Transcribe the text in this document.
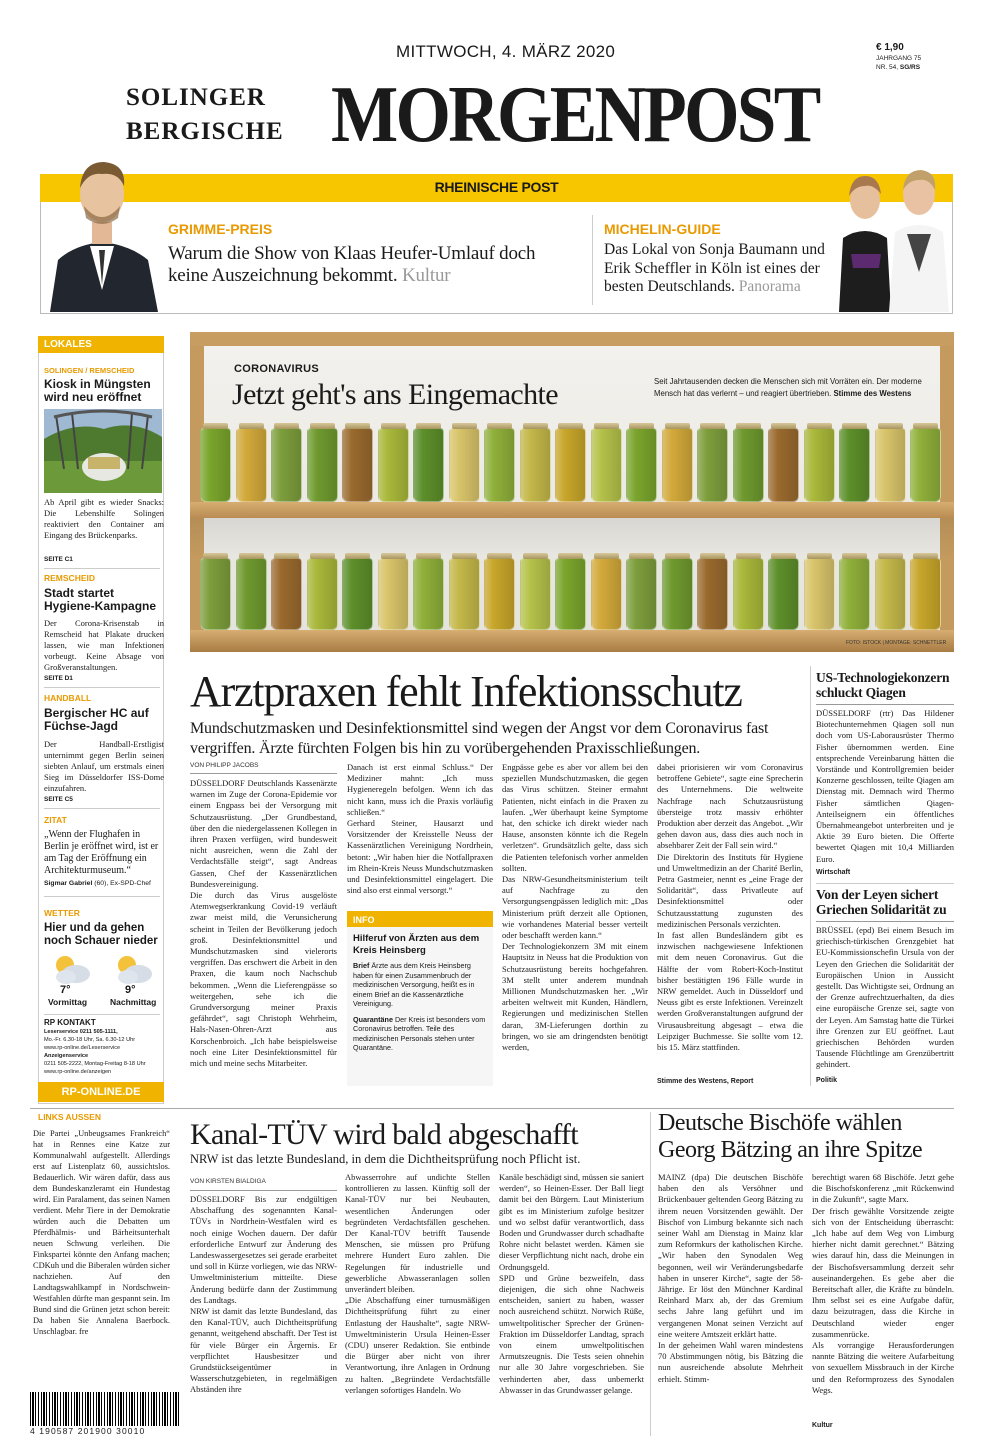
MITTWOCH, 4. MÄRZ 2020	€ 1,90
JAHRGANG 75
NR. 54, SG/RS
SOLINGER
BERGISCHE MORGENPOST
RHEINISCHE POST
GRIMME-PREIS
Warum die Show von Klaas Heufer-Umlauf doch keine Auszeichnung bekommt. Kultur
MICHELIN-GUIDE
Das Lokal von Sonja Baumann und Erik Scheffler in Köln ist eines der besten Deutschlands. Panorama
LOKALES
SOLINGEN / REMSCHEID
Kiosk in Müngsten wird neu eröffnet
Ab April gibt es wieder Snacks: Die Lebenshilfe Solingen reaktiviert den Container am Eingang des Brückenparks.
SEITE C1
REMSCHEID
Stadt startet Hygiene-Kampagne
Der Corona-Krisenstab in Remscheid hat Plakate drucken lassen, wie man Infektionen vorbeugt. Keine Absage von Großveranstaltungen.
SEITE D1
HANDBALL
Bergischer HC auf Füchse-Jagd
Der Handball-Erstligist unternimmt gegen Berlin seinen siebten Anlauf, um erstmals einen Sieg im Düsseldorfer ISS-Dome einzufahren.
SEITE C5
ZITAT
„Wenn der Flughafen in Berlin je eröffnet wird, ist er am Tag der Eröffnung ein Architekturmuseum.“
Sigmar Gabriel (60), Ex-SPD-Chef
WETTER
Hier und da gehen noch Schauer nieder
7°
Vormittag
9°
Nachmittag
RP KONTAKT
Leserservice 0211 505-1111,
Mo.-Fr. 6.30-18 Uhr, Sa. 6.30-12 Uhr
www.rp-online.de/Leserservice
Anzeigenservice
0211 505-2222, Montag-Freitag 8-18 Uhr
www.rp-online.de/anzeigen
RP-ONLINE.DE
CORONAVIRUS
Jetzt geht's ans Eingemachte	Seit Jahrtausenden decken die Menschen sich mit Vorräten ein. Der moderne Mensch hat das verlernt – und reagiert übertrieben. Stimme des Westens
FOTO: ISTOCK | MONTAGE: SCHNETTLER
Arztpraxen fehlt Infektionsschutz
Mundschutzmasken und Desinfektionsmittel sind wegen der Angst vor dem Coronavirus fast vergriffen. Ärzte fürchten Folgen bis hin zu vorübergehenden Praxisschließungen.
VON PHILIPP JACOBS
DÜSSELDORF Deutschlands Kassenärzte warnen im Zuge der Corona-Epidemie vor einem Engpass bei der Versorgung mit Schutzausrüstung. „Der Grundbestand, über den die niedergelassenen Kollegen in ihren Praxen verfügen, wird bundesweit nicht ausreichen, wenn die Zahl der Verdachtsfälle steigt“, sagt Andreas Gassen, Chef der Kassenärztlichen Bundesvereinigung.
Die durch das Virus ausgelöste Atemwegserkrankung Covid-19 verläuft zwar meist mild, die Verunsicherung scheint in Teilen der Bevölkerung jedoch groß. Desinfektionsmittel und Mundschutzmasken sind vielerorts vergriffen. Das erschwert die Arbeit in den Praxen, die kaum noch Nachschub bekommen. „Wenn die Lieferengpässe so weitergehen, sehe ich die Grundversorgung meiner Praxis gefährdet“, sagt Christoph Wehrheim, Hals-Nasen-Ohren-Arzt aus Korschenbroich. „Ich habe beispielsweise noch eine Liter Desinfektionsmittel für mich und meine sechs Mitarbeiter.
Danach ist erst einmal Schluss.“ Der Mediziner mahnt: „Ich muss Hygieneregeln befolgen. Wenn ich das nicht kann, muss ich die Praxis vorläufig schließen.“
Gerhard Steiner, Hausarzt und Vorsitzender der Kreisstelle Neuss der Kassenärztlichen Vereinigung Nordrhein, betont: „Wir haben hier die Notfallpraxen im Rhein-Kreis Neuss Mundschutzmasken und Desinfektionsmittel eingelagert. Die sind also erst einmal versorgt.“
INFO
Hilferuf von Ärzten aus dem Kreis Heinsberg
Brief Ärzte aus dem Kreis Heinsberg haben für einen Zusammenbruch der medizinischen Versorgung, heißt es in einem Brief an die Kassenärztliche Vereinigung.
Quarantäne Der Kreis ist besonders vom Coronavirus betroffen. Teile des medizinischen Personals stehen unter Quarantäne.
Engpässe gebe es aber vor allem bei den speziellen Mundschutzmasken, die gegen das Virus schützen. Steiner ermahnt Patienten, nicht einfach in die Praxen zu laufen. „Wer überhaupt keine Symptome hat, den schicke ich direkt wieder nach Hause, ansonsten könnte ich die Regeln verletzen“. Grundsätzlich gelte, dass sich die Patienten telefonisch vorher anmelden sollten.
Das NRW-Gesundheitsministerium teilt auf Nachfrage zu den Versorgungsengpässen lediglich mit: „Das Ministerium prüft derzeit alle Optionen, wie vorhandenes Material besser verteilt oder beschafft werden kann.“
Der Technologiekonzern 3M mit einem Hauptsitz in Neuss hat die Produktion von Schutzausrüstung bereits hochgefahren. 3M stellt unter anderem mundnah Millionen Mundschutzmasken her. „Wir arbeiten weltweit mit Kunden, Händlern, Regierungen und medizinischen Stellen daran, 3M-Lieferungen dorthin zu bringen, wo sie am dringendsten benötigt werden,
dabei priorisieren wir vom Coronavirus betroffene Gebiete“, sagte eine Sprecherin des Unternehmens. Die weltweite Nachfrage nach Schutzausrüstung übersteige trotz massiv erhöhter Produktion aber derzeit das Angebot. „Wir gehen davon aus, dass dies auch noch in absehbarer Zeit der Fall sein wird.“
Die Direktorin des Instituts für Hygiene und Umweltmedizin an der Charité Berlin, Petra Gastmeier, nennt es „eine Frage der Solidarität“, dass Privatleute auf Desinfektionsmittel oder Schutzausstattung zugunsten des medizinischen Personals verzichten.
In fast allen Bundesländern gibt es inzwischen nachgewiesene Infektionen mit dem neuen Coronavirus. Gut die Hälfte der vom Robert-Koch-Institut bisher bestätigten 196 Fälle wurde in NRW gemeldet. Auch in Düsseldorf und Neuss gibt es erste Infektionen. Vereinzelt werden Großveranstaltungen aufgrund der Virusausbreitung abgesagt – etwa die Leipziger Buchmesse. Sie sollte vom 12. bis 15. März stattfinden.
Stimme des Westens, Report
US-Technologiekonzern schluckt Qiagen
DÜSSELDORF (rtr) Das Hildener Biotechunternehmen Qiagen soll nun doch vom US-Laborausrüster Thermo Fisher übernommen werden. Eine entsprechende Vereinbarung hätten die Vorstände und Kontrollgremien beider Konzerne geschlossen, teilte Qiagen am Dienstag mit. Demnach wird Thermo Fisher sämtlichen Qiagen-Anteilseignern ein öffentliches Übernahmeangebot unterbreiten und je Aktie 39 Euro bieten. Die Offerte bewertet Qiagen mit 10,4 Milliarden Euro.
Wirtschaft
Von der Leyen sichert Griechen Solidarität zu
BRÜSSEL (epd) Bei einem Besuch im griechisch-türkischen Grenzgebiet hat EU-Kommissionschefin Ursula von der Leyen den Griechen die Solidarität der Europäischen Union in Aussicht gestellt. Das Wichtigste sei, Ordnung an der Grenze aufrechtzuerhalten, da dies eine europäische Grenze sei, sagte von der Leyen. Am Samstag hatte die Türkei ihre Grenzen zur EU geöffnet. Laut griechischen Behörden wurden Tausende Flüchtlinge am Grenzübertritt gehindert.
Politik
LINKS AUSSEN
Die Partei „Unbeugsames Frankreich“ hat in Rennes eine Katze zur Kommunalwahl aufgestellt. Allerdings erst auf Listenplatz 60, aussichtslos. Bedauerlich. Wir wären dafür, dass aus dem Bundeskanzleramt ein Hundestag wird. Ein Paralament, das seinen Namen verdient. Mehr Tiere in der Demokratie würden auch die Debatten um Pferdhälmis- und Bärheitsunterhalt neuen Schwung verleihen. Die Finkspartei könnte den Anfang machen; CDKuh und die Biberalen würden sicher nachziehen. Auf den Landtagswahlkampf in Nordschwein-Westfahlen dürfte man gespannt sein. Im Bund sind die Grünen jetzt schon bereit: Da haben Sie Annalena Baerbock. Unschlagbar. fre
4 190587 201900 30010
Kanal-TÜV wird bald abgeschafft
NRW ist das letzte Bundesland, in dem die Dichtheitsprüfung noch Pflicht ist.
VON KIRSTEN BIALDIGA
DÜSSELDORF Bis zur endgültigen Abschaffung des sogenannten Kanal-TÜVs in Nordrhein-Westfalen wird es noch einige Wochen dauern. Der dafür erforderliche Entwurf zur Änderung des Landeswassergesetzes sei gerade erarbeitet und soll in Kürze vorliegen, wie das NRW-Umweltministerium mitteilte. Diese Änderung bedürfe dann der Zustimmung des Landtags.
NRW ist damit das letzte Bundesland, das den Kanal-TÜV, auch Dichtheitsprüfung genannt, weitgehend abschafft. Der Test ist für viele Bürger ein Ärgernis. Er verpflichtet Hausbesitzer und Grundstückseigentümer in Wasserschutzgebieten, in regelmäßigen Abständen ihre
Abwasserrohre auf undichte Stellen kontrollieren zu lassen. Künftig soll der Kanal-TÜV nur bei Neubauten, wesentlichen Änderungen oder begründeten Verdachtsfällen geschehen. Der Kanal-TÜV betrifft Tausende Menschen, sie müssen pro Prüfung mehrere Hundert Euro zahlen. Die Regelungen für industrielle und gewerbliche Abwasseranlagen sollen unverändert bleiben.
„Die Abschaffung einer turnusmäßigen Dichtheitsprüfung führt zu einer Entlastung der Haushalte“, sagte NRW-Umweltministerin Ursula Heinen-Esser (CDU) unserer Redaktion. Sie entbinde die Bürger aber nicht von ihrer Verantwortung, ihre Anlagen in Ordnung zu halten. „Begründete Verdachtsfälle verlangen sofortiges Handeln. Wo
Kanäle beschädigt sind, müssen sie saniert werden“, so Heinen-Esser. Der Ball liegt damit bei den Bürgern. Laut Ministerium gibt es im Ministerium zufolge besitzer und wo selbst dafür verantwortlich, dass Boden und Grundwasser durch schadhafte Rohre nicht belastet werden. Kämen sie dieser Verpflichtung nicht nach, drohe ein Ordnungsgeld.
SPD und Grüne bezweifeln, dass diejenigen, die sich ohne Nachweis entscheiden, saniert zu haben, wasser noch ausreichend schützt. Norwich Rüße, umweltpolitischer Sprecher der Grünen-Fraktion im Düsseldorfer Landtag, sprach von einem umweltpolitischen Armutszeugnis. Die Tests seien ohnehin nur alle 30 Jahre vorgeschrieben. Sie verhinderten aber, dass unbemerkt Abwasser in das Grundwasser gelange.
Deutsche Bischöfe wählen
Georg Bätzing an ihre Spitze
MAINZ (dpa) Die deutschen Bischöfe haben den als Versöhner und Brückenbauer geltenden Georg Bätzing zu ihrem neuen Vorsitzenden gewählt. Der Bischof von Limburg bekannte sich nach seiner Wahl am Dienstag in Mainz klar zum Reformkurs der katholischen Kirche. „Wir haben den Synodalen Weg begonnen, weil wir Veränderungsbedarfe haben in unserer Kirche“, sagte der 58-Jährige. Er löst den Münchner Kardinal Reinhard Marx ab, der das Gremium sechs Jahre lang geführt und im vergangenen Monat seinen Verzicht auf eine weitere Amtszeit erklärt hatte.
In der geheimen Wahl waren mindestens 70 Abstimmungen nötig, bis Bätzing die nun ausreichende absolute Mehrheit erhielt. Stimm-
berechtigt waren 68 Bischöfe. Jetzt gehe die Bischofskonferenz „mit Rückenwind in die Zukunft“, sagte Marx.
Der frisch gewählte Vorsitzende zeigte sich von der Entscheidung überrascht: „Ich habe auf dem Weg von Limburg hierher nicht damit gerechnet.“ Bätzing wies darauf hin, dass die Meinungen in der Bischofsversammlung derzeit sehr auseinandergehen. Es gebe aber die Bereitschaft aller, die Kräfte zu bündeln. Ihm selbst sei es eine Aufgabe dafür, dazu beizutragen, dass die Kirche in Deutschland wieder enger zusammenrücke.
Als vorrangige Herausforderungen nannte Bätzing die weitere Aufarbeitung von sexuellem Missbrauch in der Kirche und den Reformprozess des Synodalen Wegs.
Kultur
